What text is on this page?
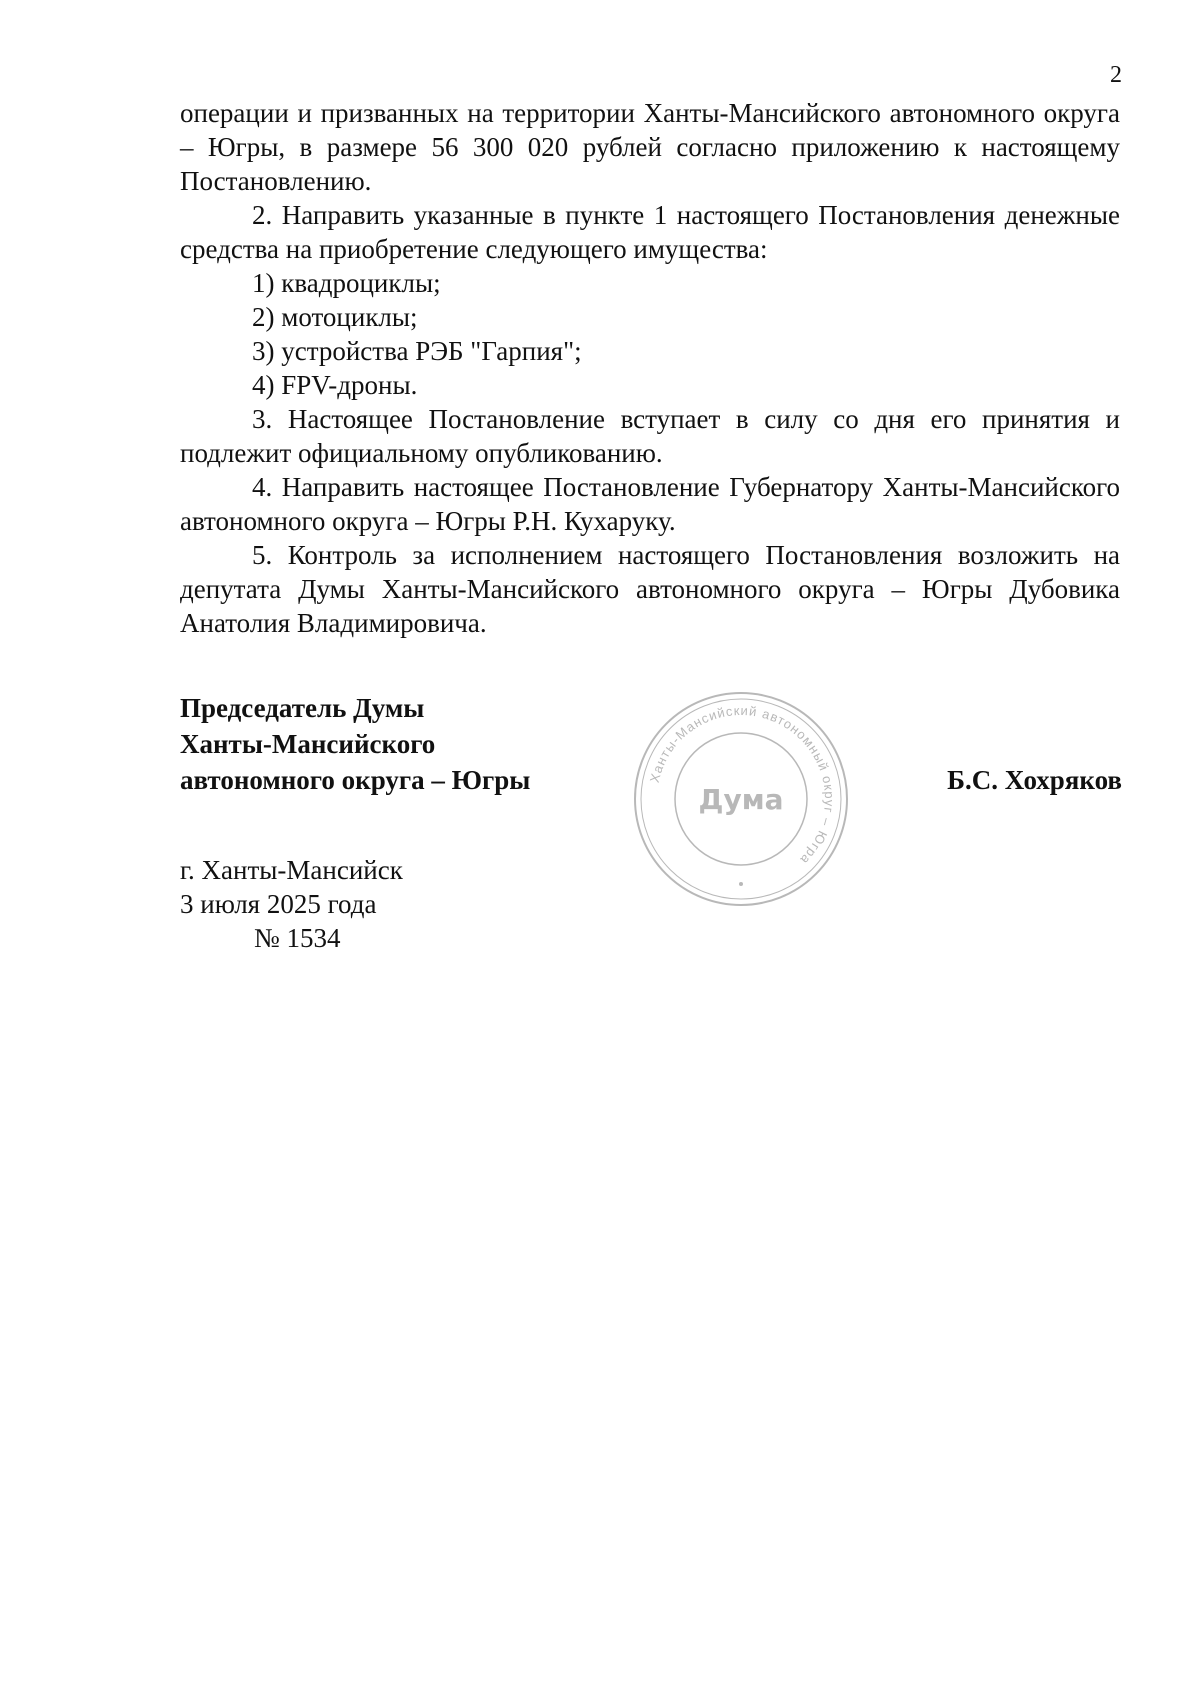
2

операции и призванных на территории Ханты-Мансийского автономного округа – Югры, в размере 56 300 020 рублей согласно приложению к настоящему Постановлению.

2. Направить указанные в пункте 1 настоящего Постановления денежные средства на приобретение следующего имущества:

1) квадроциклы;

2) мотоциклы;

3) устройства РЭБ "Гарпия";

4) FPV-дроны.

3. Настоящее Постановление вступает в силу со дня его принятия и подлежит официальному опубликованию.

4. Направить настоящее Постановление Губернатору Ханты-Мансийского автономного округа – Югры Р.Н. Кухаруку.

5. Контроль за исполнением настоящего Постановления возложить на депутата Думы Ханты-Мансийского автономного округа – Югры Дубовика Анатолия Владимировича.

Председатель Думы
Ханты-Мансийского
автономного округа – Югры	Б.С. Хохряков
Ханты-Мансийский автономный округ – Югра
Дума
г. Ханты-Мансийск
3 июля 2025 года
№ 1534
